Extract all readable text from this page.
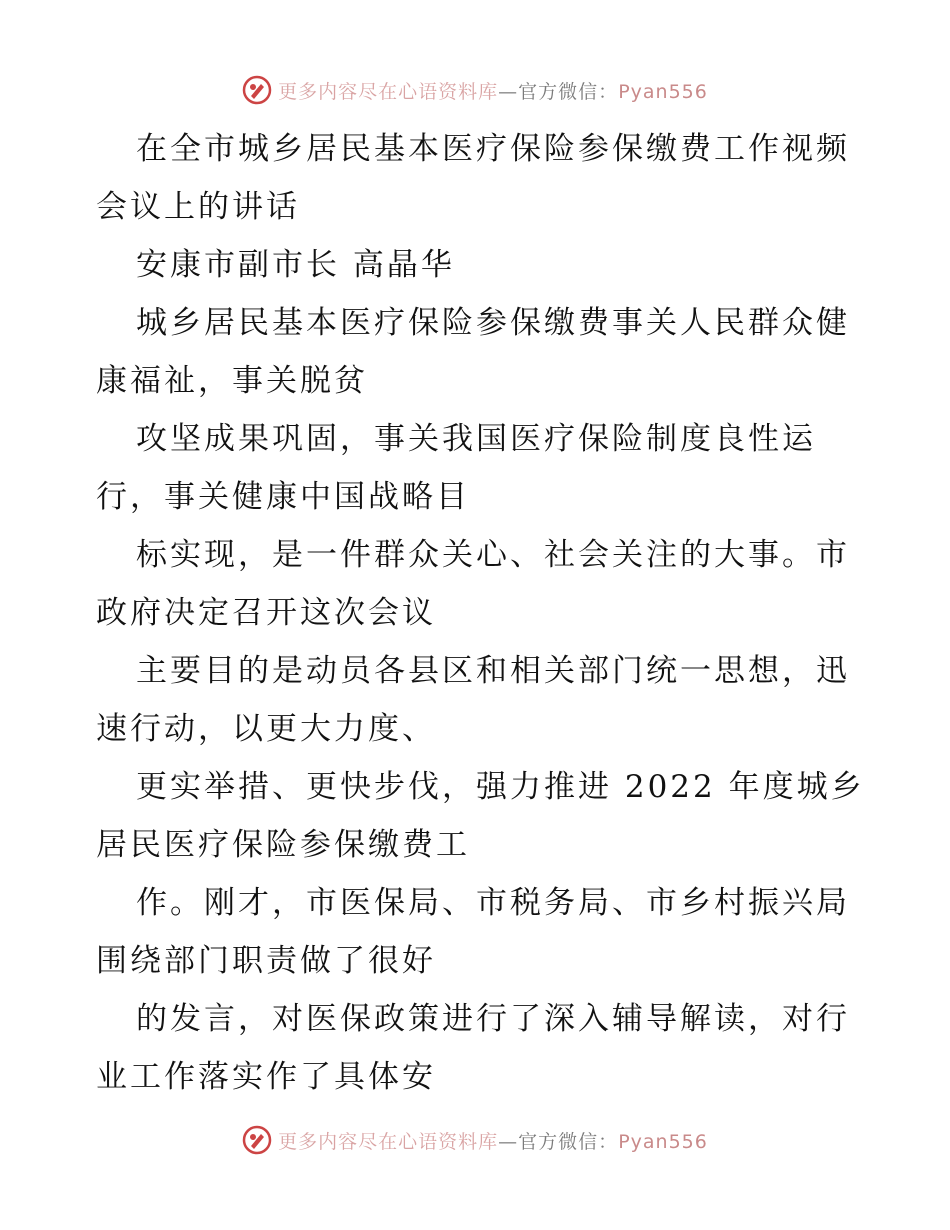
更多内容尽在心语资料库—官方微信：Pyan556

在全市城乡居民基本医疗保险参保缴费工作视频
会议上的讲话

安康市副市长 高晶华

城乡居民基本医疗保险参保缴费事关人民群众健
康福祉，事关脱贫

攻坚成果巩固，事关我国医疗保险制度良性运
行，事关健康中国战略目

标实现，是一件群众关心、社会关注的大事。市
政府决定召开这次会议

主要目的是动员各县区和相关部门统一思想，迅
速行动，以更大力度、

更实举措、更快步伐，强力推进 2022 年度城乡
居民医疗保险参保缴费工

作。刚才，市医保局、市税务局、市乡村振兴局
围绕部门职责做了很好

的发言，对医保政策进行了深入辅导解读，对行
业工作落实作了具体安

更多内容尽在心语资料库—官方微信：Pyan556
